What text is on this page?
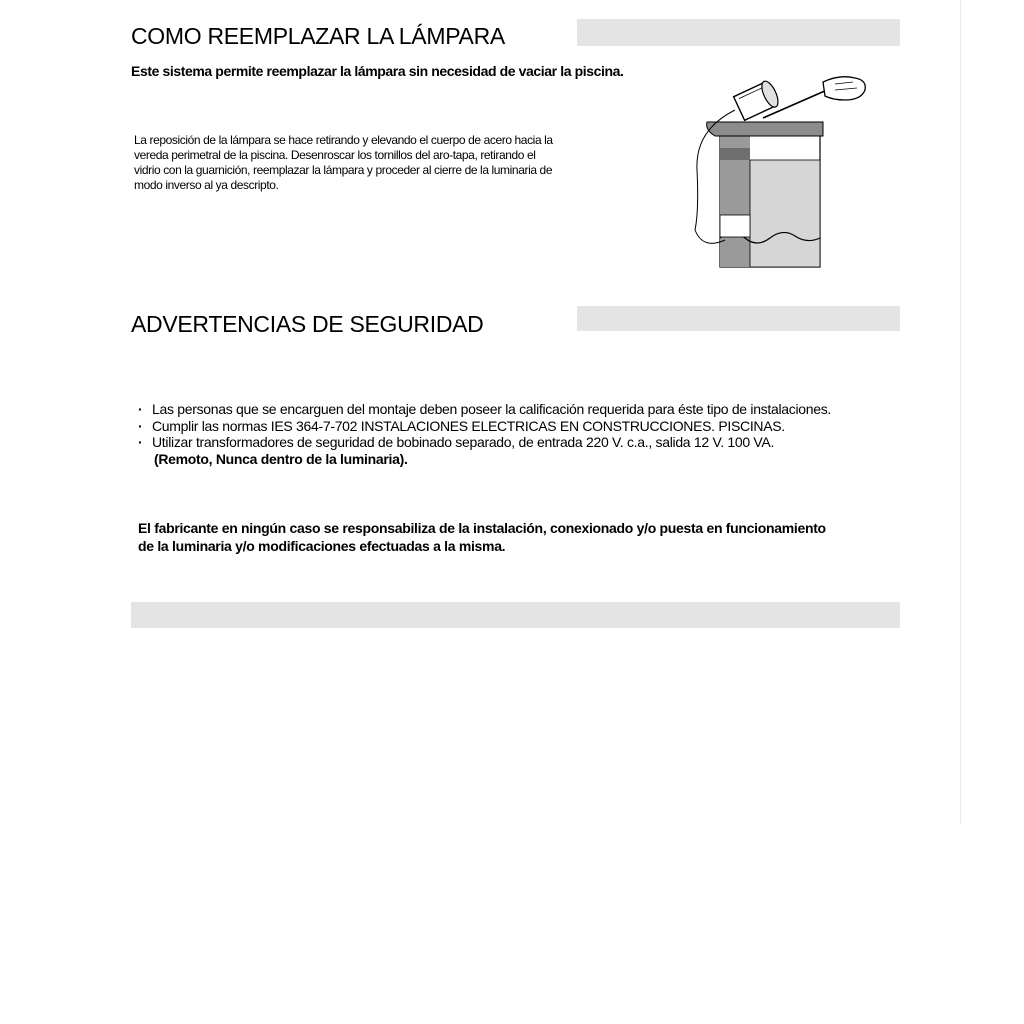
COMO REEMPLAZAR LA LÁMPARA

Este sistema permite reemplazar la lámpara sin necesidad de vaciar la piscina.

La reposición de la lámpara se hace retirando y elevando el cuerpo de acero hacia la vereda perimetral de la piscina. Desenroscar los tornillos del aro-tapa, retirando el vidrio con la guarnición, reemplazar la lámpara y proceder al cierre de la luminaria de modo inverso al ya descripto.

ADVERTENCIAS DE SEGURIDAD
· Las personas que se encarguen del montaje deben poseer la calificación requerida para éste tipo de instalaciones.
· Cumplir las normas IES 364-7-702 INSTALACIONES ELECTRICAS EN CONSTRUCCIONES. PISCINAS.
· Utilizar transformadores de seguridad de bobinado separado, de entrada 220 V. c.a., salida 12 V. 100 VA.
(Remoto, Nunca dentro de la luminaria).

El fabricante en ningún caso se responsabiliza de la instalación, conexionado y/o puesta en funcionamiento de la luminaria y/o modificaciones efectuadas a la misma.
